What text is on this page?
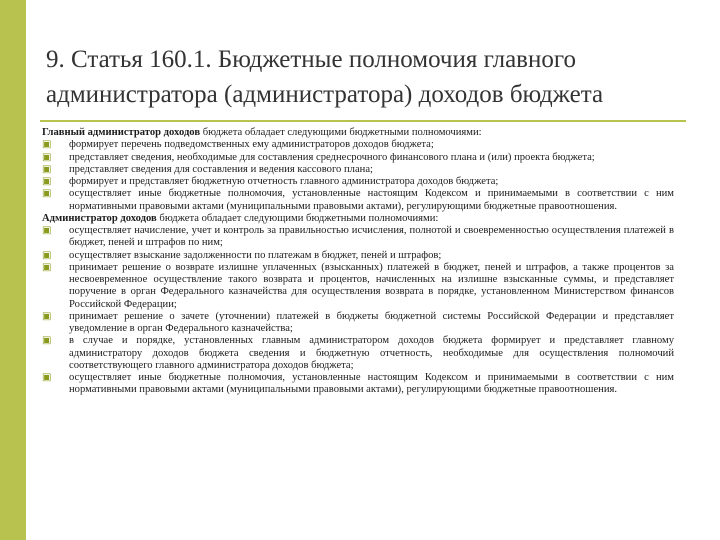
9. Статья 160.1. Бюджетные полномочия главного администратора (администратора) доходов бюджета

Главный администратор доходов бюджета обладает следующими бюджетными полномочиями:

▣ формирует перечень подведомственных ему администраторов доходов бюджета;
▣ представляет сведения, необходимые для составления среднесрочного финансового плана и (или) проекта бюджета;
▣ представляет сведения для составления и ведения кассового плана;
▣ формирует и представляет бюджетную отчетность главного администратора доходов бюджета;
▣ осуществляет иные бюджетные полномочия, установленные настоящим Кодексом и принимаемыми в соответствии с ним нормативными правовыми актами (муниципальными правовыми актами), регулирующими бюджетные правоотношения.

Администратор доходов бюджета обладает следующими бюджетными полномочиями:

▣ осуществляет начисление, учет и контроль за правильностью исчисления, полнотой и своевременностью осуществления платежей в бюджет, пеней и штрафов по ним;
▣ осуществляет взыскание задолженности по платежам в бюджет, пеней и штрафов;
▣ принимает решение о возврате излишне уплаченных (взысканных) платежей в бюджет, пеней и штрафов, а также процентов за несвоевременное осуществление такого возврата и процентов, начисленных на излишне взысканные суммы, и представляет поручение в орган Федерального казначейства для осуществления возврата в порядке, установленном Министерством финансов Российской Федерации;
▣ принимает решение о зачете (уточнении) платежей в бюджеты бюджетной системы Российской Федерации и представляет уведомление в орган Федерального казначейства;
▣ в случае и порядке, установленных главным администратором доходов бюджета формирует и представляет главному администратору доходов бюджета сведения и бюджетную отчетность, необходимые для осуществления полномочий соответствующего главного администратора доходов бюджета;
▣ осуществляет иные бюджетные полномочия, установленные настоящим Кодексом и принимаемыми в соответствии с ним нормативными правовыми актами (муниципальными правовыми актами), регулирующими бюджетные правоотношения.
